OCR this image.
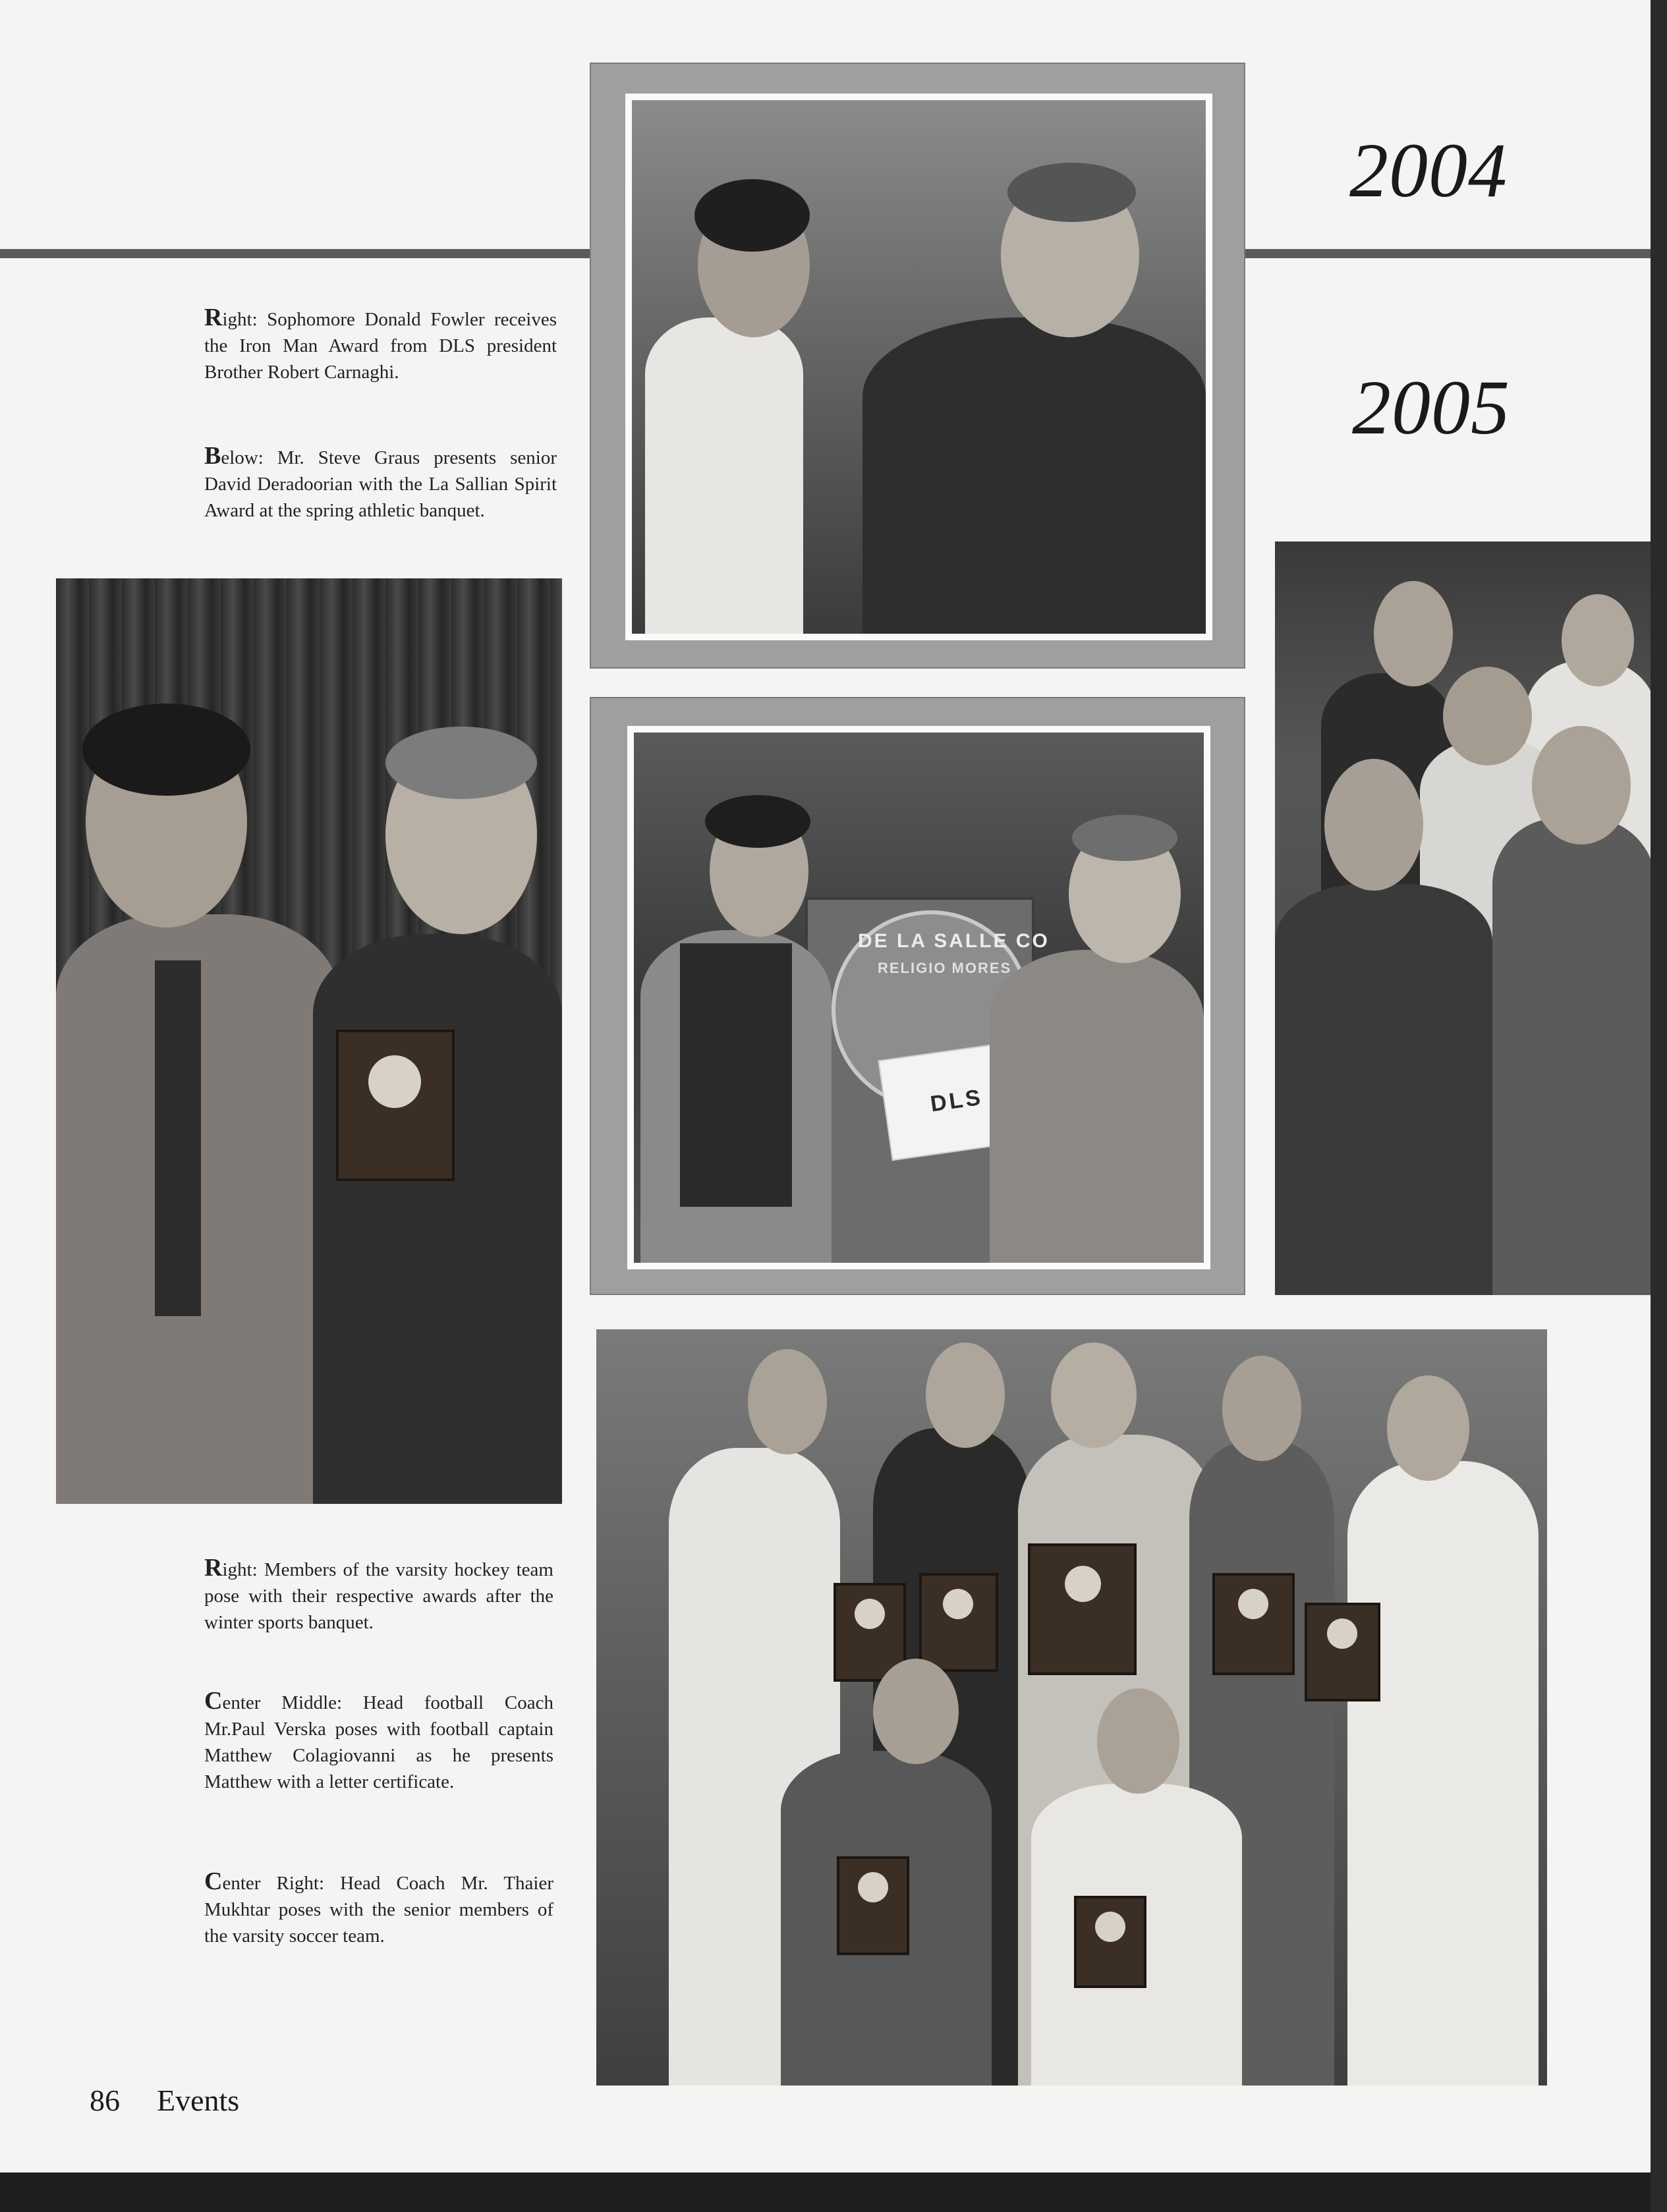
2004
2005
DE LA SALLE CO
RELIGIO MORES
DLS
Right: Sophomore Donald Fowler receives the Iron Man Award from DLS president Brother Robert Carnaghi.
Below: Mr. Steve Graus presents senior David Deradoorian with the La Sallian Spirit Award at the spring athletic banquet.
Right: Members of the varsity hockey team pose with their respective awards after the winter sports banquet.
Center Middle: Head football Coach Mr.Paul Verska poses with football captain Matthew Colagiovanni as he presents Matthew with a letter certificate.
Center Right: Head Coach Mr. Thaier Mukhtar poses with the senior members of the varsity soccer team.
86 Events
